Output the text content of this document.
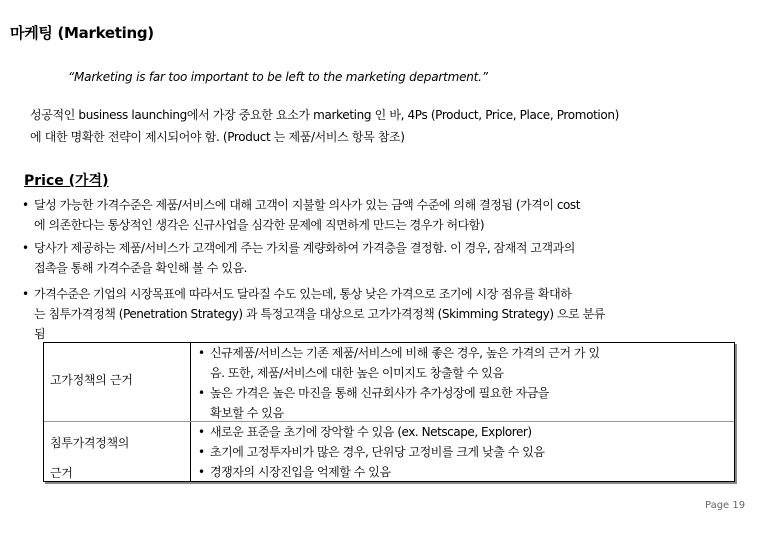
마케팅 (Marketing)
“Marketing is far too important to be left to the marketing department.”
성공적인 business launching에서 가장 중요한 요소가 marketing 인 바, 4Ps (Product, Price, Place, Promotion)
에 대한 명확한 전략이 제시되어야 함. (Product 는 제품/서비스 항목 참조)
Price (가격)
• 달성 가능한 가격수준은 제품/서비스에 대해 고객이 지불할 의사가 있는 금액 수준에 의해 결정됨 (가격이 cost
에 의존한다는 통상적인 생각은 신규사업을 심각한 문제에 직면하게 만드는 경우가 허다함)
• 당사가 제공하는 제품/서비스가 고객에게 주는 가치를 계량화하여 가격층을 결정함. 이 경우, 잠재적 고객과의
접촉을 통해 가격수준을 확인해 볼 수 있음.
• 가격수준은 기업의 시장목표에 따라서도 달라질 수도 있는데, 통상 낮은 가격으로 조기에 시장 점유를 확대하
는 침투가격정책 (Penetration Strategy) 과 특정고객을 대상으로 고가가격정책 (Skimming Strategy) 으로 분류
됨
고가정책의 근거
• 신규제품/서비스는 기존 제품/서비스에 비해 좋은 경우, 높은 가격의 근거 가 있
음. 또한, 제품/서비스에 대한 높은 이미지도 창출할 수 있음
• 높은 가격은 높은 마진을 통해 신규회사가 추가성장에 필요한 자금을
확보할 수 있음
침투가격정책의
근거
• 새로운 표준을 초기에 장악할 수 있음 (ex. Netscape, Explorer)
• 초기에 고정투자비가 많은 경우, 단위당 고정비를 크게 낮출 수 있음
• 경쟁자의 시장진입을 억제할 수 있음
Page 19
